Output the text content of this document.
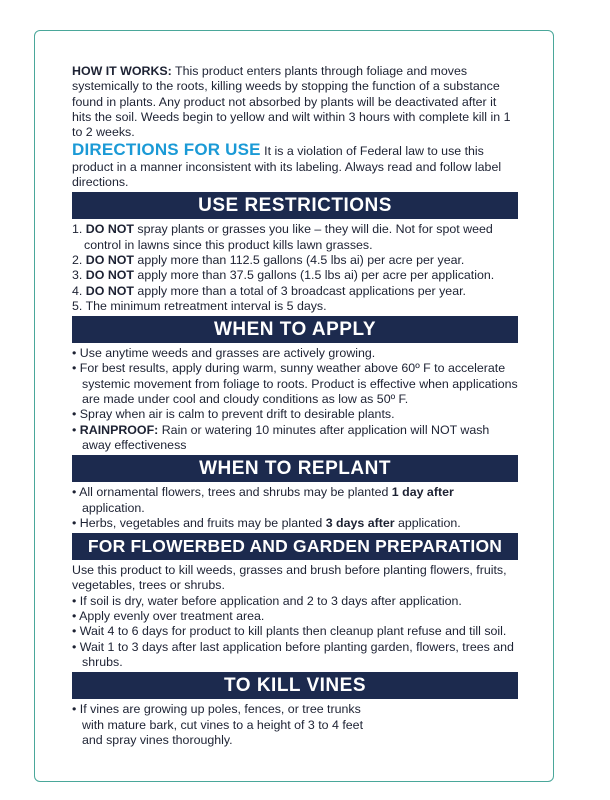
HOW IT WORKS: This product enters plants through foliage and moves systemically to the roots, killing weeds by stopping the function of a substance found in plants. Any product not absorbed by plants will be deactivated after it hits the soil. Weeds begin to yellow and wilt within 3 hours with complete kill in 1 to 2 weeks.

DIRECTIONS FOR USE It is a violation of Federal law to use this product in a manner inconsistent with its labeling. Always read and follow label directions.

USE RESTRICTIONS
1. DO NOT spray plants or grasses you like – they will die. Not for spot weed control in lawns since this product kills lawn grasses.
2. DO NOT apply more than 112.5 gallons (4.5 lbs ai) per acre per year.
3. DO NOT apply more than 37.5 gallons (1.5 lbs ai) per acre per application.
4. DO NOT apply more than a total of 3 broadcast applications per year.
5. The minimum retreatment interval is 5 days.
WHEN TO APPLY
• Use anytime weeds and grasses are actively growing.
• For best results, apply during warm, sunny weather above 60º F to accelerate systemic movement from foliage to roots. Product is effective when applications are made under cool and cloudy conditions as low as 50º F.
• Spray when air is calm to prevent drift to desirable plants.
• RAINPROOF: Rain or watering 10 minutes after application will NOT wash away effectiveness
WHEN TO REPLANT
• All ornamental flowers, trees and shrubs may be planted 1 day after application.
• Herbs, vegetables and fruits may be planted 3 days after application.
FOR FLOWERBED AND GARDEN PREPARATION

Use this product to kill weeds, grasses and brush before planting flowers, fruits, vegetables, trees or shrubs.

• If soil is dry, water before application and 2 to 3 days after application.
• Apply evenly over treatment area.
• Wait 4 to 6 days for product to kill plants then cleanup plant refuse and till soil.
• Wait 1 to 3 days after last application before planting garden, flowers, trees and shrubs.
TO KILL VINES
• If vines are growing up poles, fences, or tree trunks with mature bark, cut vines to a height of 3 to 4 feet and spray vines thoroughly.
